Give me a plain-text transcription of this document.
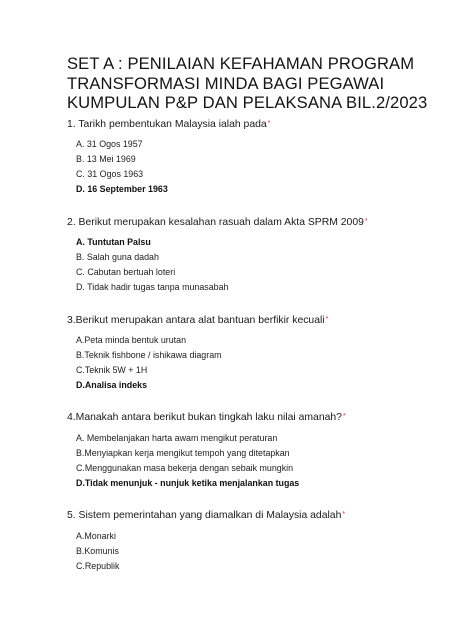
SET A : PENILAIAN KEFAHAMAN PROGRAM
TRANSFORMASI MINDA BAGI PEGAWAI
KUMPULAN P&P DAN PELAKSANA BIL.2/2023
1. Tarikh pembentukan Malaysia ialah pada*
A. 31 Ogos 1957
B. 13 Mei 1969
C. 31 Ogos 1963
D. 16 September 1963
2. Berikut merupakan kesalahan rasuah dalam Akta SPRM 2009*
A. Tuntutan Palsu
B. Salah guna dadah
C. Cabutan bertuah loteri
D. Tidak hadir tugas tanpa munasabah
3.Berikut merupakan antara alat bantuan berfikir kecuali*
A.Peta minda bentuk urutan
B.Teknik fishbone / ishikawa diagram
C.Teknik 5W + 1H
D.Analisa indeks
4.Manakah antara berikut bukan tingkah laku nilai amanah?*
A. Membelanjakan harta awam mengikut peraturan
B.Menyiapkan kerja mengikut tempoh yang ditetapkan
C.Menggunakan masa bekerja dengan sebaik mungkin
D.Tidak menunjuk - nunjuk ketika menjalankan tugas
5. Sistem pemerintahan yang diamalkan di Malaysia adalah*
A.Monarki
B.Komunis
C.Republik
